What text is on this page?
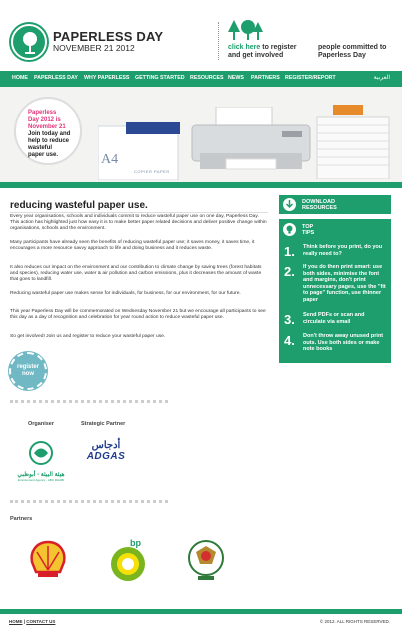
PAPERLESS DAY
NOVEMBER 21 2012	click here to register
and get involved
people committed to
Paperless Day
HOME PAPERLESS DAY WHY PAPERLESS GETTING STARTED RESOURCES NEWS PARTNERS REGISTER/REPORT	العربية
Paperless
Day 2012 is
November 21
Join today and
help to reduce
wasteful
paper use.	A4
COPIER PAPER
reducing wasteful paper use.

Every year organisations, schools and individuals commit to reduce wasteful paper use on one day, Paperless Day. This action has highlighted just how easy it is to make better paper related decisions and deliver positive change within organisations, schools and the environment.

Many participants have already seen the benefits of reducing wasteful paper use; it saves money, it saves time, it encourages a more resource savvy approach to life and doing business and it reduces waste.

It also reduces our impact on the environment and our contribution to climate change by saving trees (forest habitats and species), reducing water use, water & air pollution and carbon emissions, plus it decreases the amount of waste that goes to landfill.

Reducing wasteful paper use makes sense for individuals, for business, for our environment, for our future.

This year Paperless Day will be commemorated on Wednesday November 21 but we encourage all participants to see this day as a day of recognition and celebration for year round action to reduce wasteful paper use.

So get involved! Join us and register to reduce your wasteful paper use.

register now
Organiser	Strategic Partner
هيئة البيئة - أبوظبي
Environment Agency - ABU DHABI
أدجاس
ADGAS
Partners
bp
DOWNLOAD
RESOURCES
TOP
TIPS
1. Think before you print, do you really need to?
2. If you do then print smart: use both sides, minimise the font and margins, don't print unnecessary pages, use the "fit to page" function, use thinner paper
3. Send PDFs or scan and circulate via email
4. Don't throw away unused print outs. Use both sides or make note books
HOME | CONTACT US	© 2012. ALL RIGHTS RESERVED.
